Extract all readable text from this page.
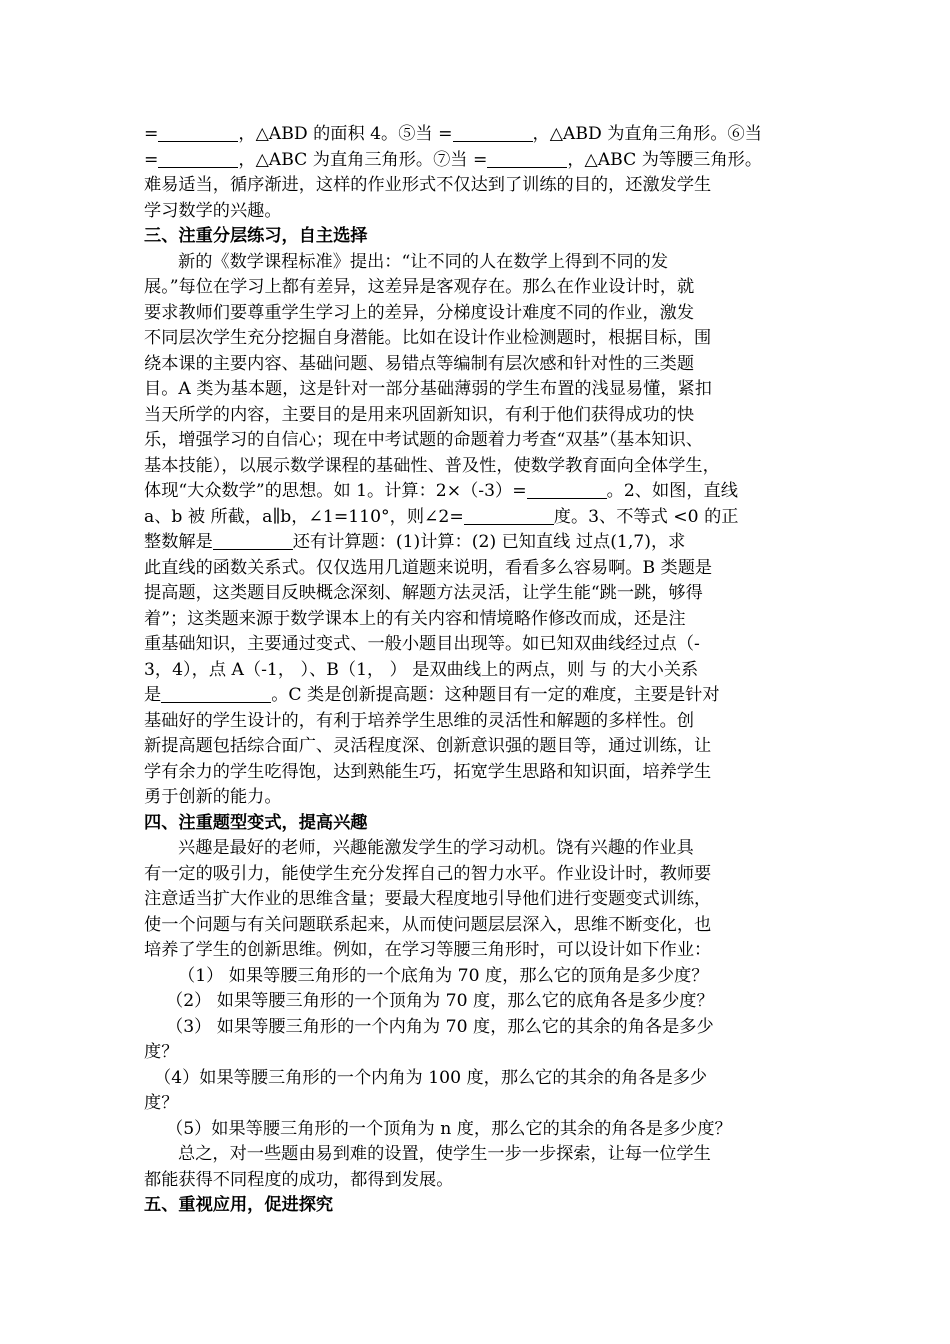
=	，△ABD 的面积 4。⑤当 =	，△ABD 为直角三角形。⑥当
=	，△ABC 为直角三角形。⑦当 =	，△ABC 为等腰三角形。
难易适当，循序渐进，这样的作业形式不仅达到了训练的目的，还激发学生
学习数学的兴趣。
三、注重分层练习，自主选择
新的《数学课程标准》提出：“让不同的人在数学上得到不同的发
展。”每位在学习上都有差异，这差异是客观存在。那么在作业设计时，就
要求教师们要尊重学生学习上的差异，分梯度设计难度不同的作业，激发
不同层次学生充分挖掘自身潜能。比如在设计作业检测题时，根据目标，围
绕本课的主要内容、基础问题、易错点等编制有层次感和针对性的三类题
目。A 类为基本题，这是针对一部分基础薄弱的学生布置的浅显易懂，紧扣
当天所学的内容，主要目的是用来巩固新知识，有利于他们获得成功的快
乐，增强学习的自信心；现在中考试题的命题着力考查“双基”（基本知识、
基本技能），以展示数学课程的基础性、普及性，使数学教育面向全体学生，
体现“大众数学”的思想。如 1。计算：2×（-3）=	。2、如图，直线
a、b 被 所截，a∥b，∠1=110°，则∠2=	度。3、不等式 <0 的正
整数解是	还有计算题：(1)计算：(2) 已知直线 过点(1,7)，求
此直线的函数关系式。仅仅选用几道题来说明，看看多么容易啊。B 类题是
提高题，这类题目反映概念深刻、解题方法灵活，让学生能“跳一跳，够得
着”；这类题来源于数学课本上的有关内容和情境略作修改而成，还是注
重基础知识，主要通过变式、一般小题目出现等。如已知双曲线经过点（-
3，4），点 A（-1， ）、B（1， ） 是双曲线上的两点，则 与 的大小关系
是	。C 类是创新提高题：这种题目有一定的难度，主要是针对
基础好的学生设计的，有利于培养学生思维的灵活性和解题的多样性。创
新提高题包括综合面广、灵活程度深、创新意识强的题目等，通过训练，让
学有余力的学生吃得饱，达到熟能生巧，拓宽学生思路和知识面，培养学生
勇于创新的能力。
四、注重题型变式，提高兴趣
兴趣是最好的老师，兴趣能激发学生的学习动机。饶有兴趣的作业具
有一定的吸引力，能使学生充分发挥自己的智力水平。作业设计时，教师要
注意适当扩大作业的思维含量；要最大程度地引导他们进行变题变式训练，
使一个问题与有关问题联系起来，从而使问题层层深入，思维不断变化，也
培养了学生的创新思维。例如，在学习等腰三角形时，可以设计如下作业：
（1） 如果等腰三角形的一个底角为 70 度，那么它的顶角是多少度？
（2） 如果等腰三角形的一个顶角为 70 度，那么它的底角各是多少度？
（3） 如果等腰三角形的一个内角为 70 度，那么它的其余的角各是多少
度？
（4）如果等腰三角形的一个内角为 100 度，那么它的其余的角各是多少
度？
（5）如果等腰三角形的一个顶角为 n 度，那么它的其余的角各是多少度？
总之，对一些题由易到难的设置，使学生一步一步探索，让每一位学生
都能获得不同程度的成功，都得到发展。
五、重视应用，促进探究
